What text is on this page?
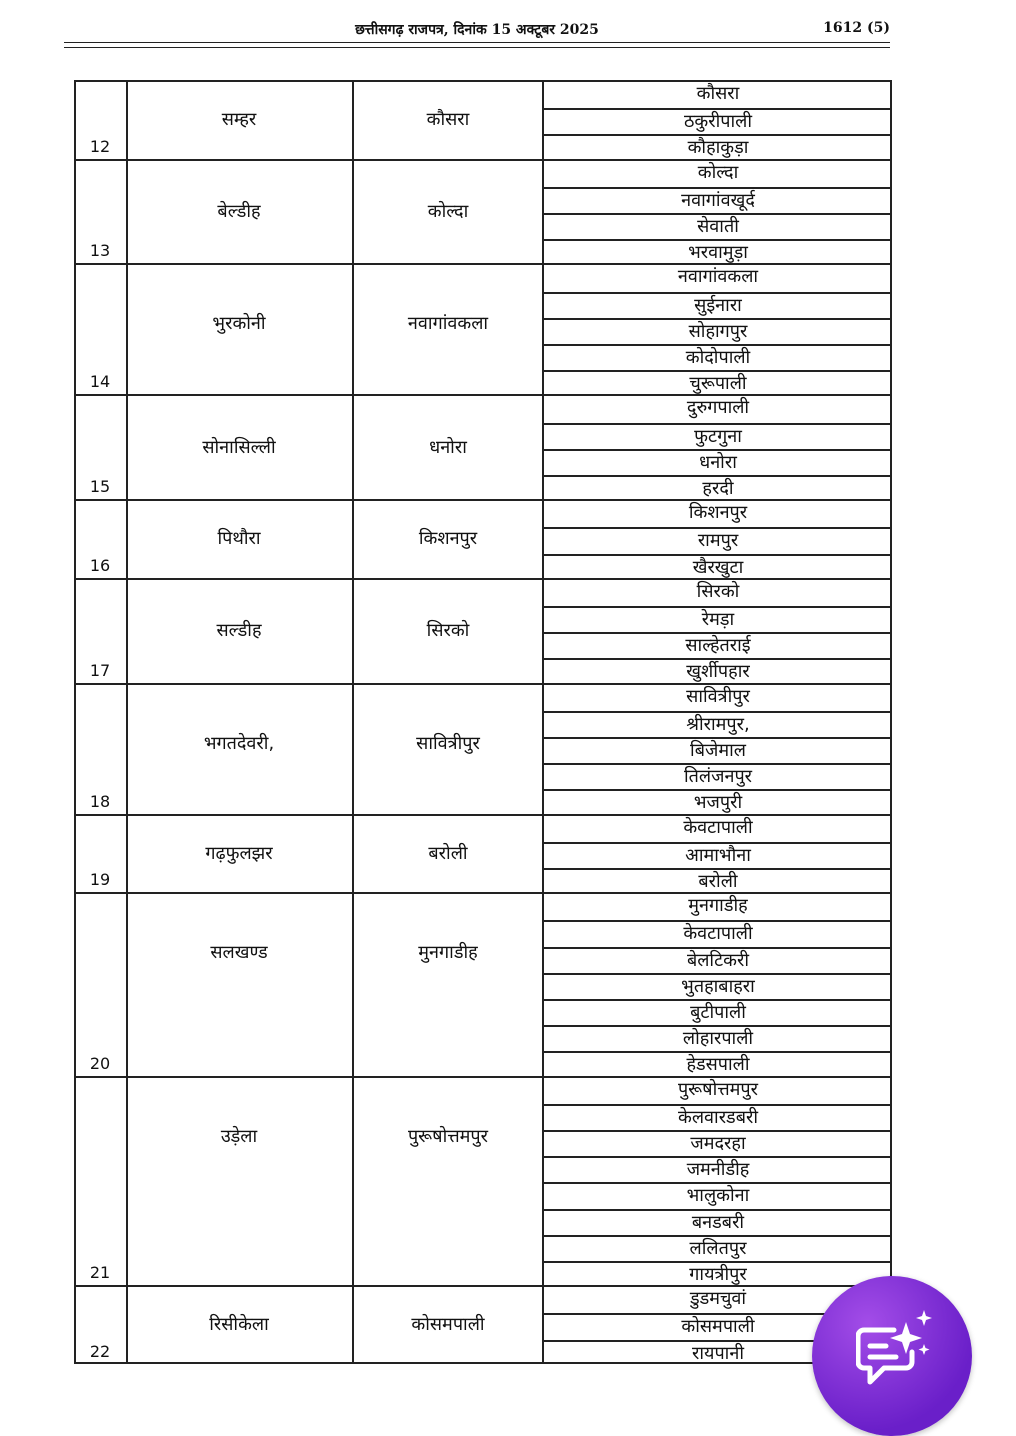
छत्तीसगढ़ राजपत्र, दिनांक 15 अक्टूबर 2025	1612 (5)
12
सम्हर	कौसरा
कौसरा
ठकुरीपाली
कौहाकुड़ा
13
बेल्डीह	कोल्दा
कोल्दा
नवागांवखूर्द
सेवाती
भरवामुड़ा
14
भुरकोनी	नवागांवकला
नवागांवकला
सुईनारा
सोहागपुर
कोदोपाली
चुरूपाली
15
सोनासिल्ली	धनोरा
दुरुगपाली
फुटगुना
धनोरा
हरदी
16
पिथौरा	किशनपुर
किशनपुर
रामपुर
खैरखुटा
17
सल्डीह	सिरको
सिरको
रेमड़ा
साल्हेतराई
खुर्शीपहार
18
भगतदेवरी,	सावित्रीपुर
सावित्रीपुर
श्रीरामपुर,
बिजेमाल
तिलंजनपुर
भजपुरी
19
गढ़फुलझर	बरोली
केवटापाली
आमाभौना
बरोली
20
सलखण्ड	मुनगाडीह
मुनगाडीह
केवटापाली
बेलटिकरी
भुतहाबाहरा
बुटीपाली
लोहारपाली
हेडसपाली
21
उड़ेला	पुरूषोत्तमपुर
पुरूषोत्तमपुर
केलवारडबरी
जमदरहा
जमनीडीह
भालुकोना
बनडबरी
ललितपुर
गायत्रीपुर
22
रिसीकेला	कोसमपाली
डुडमचुवां
कोसमपाली
रायपानी
